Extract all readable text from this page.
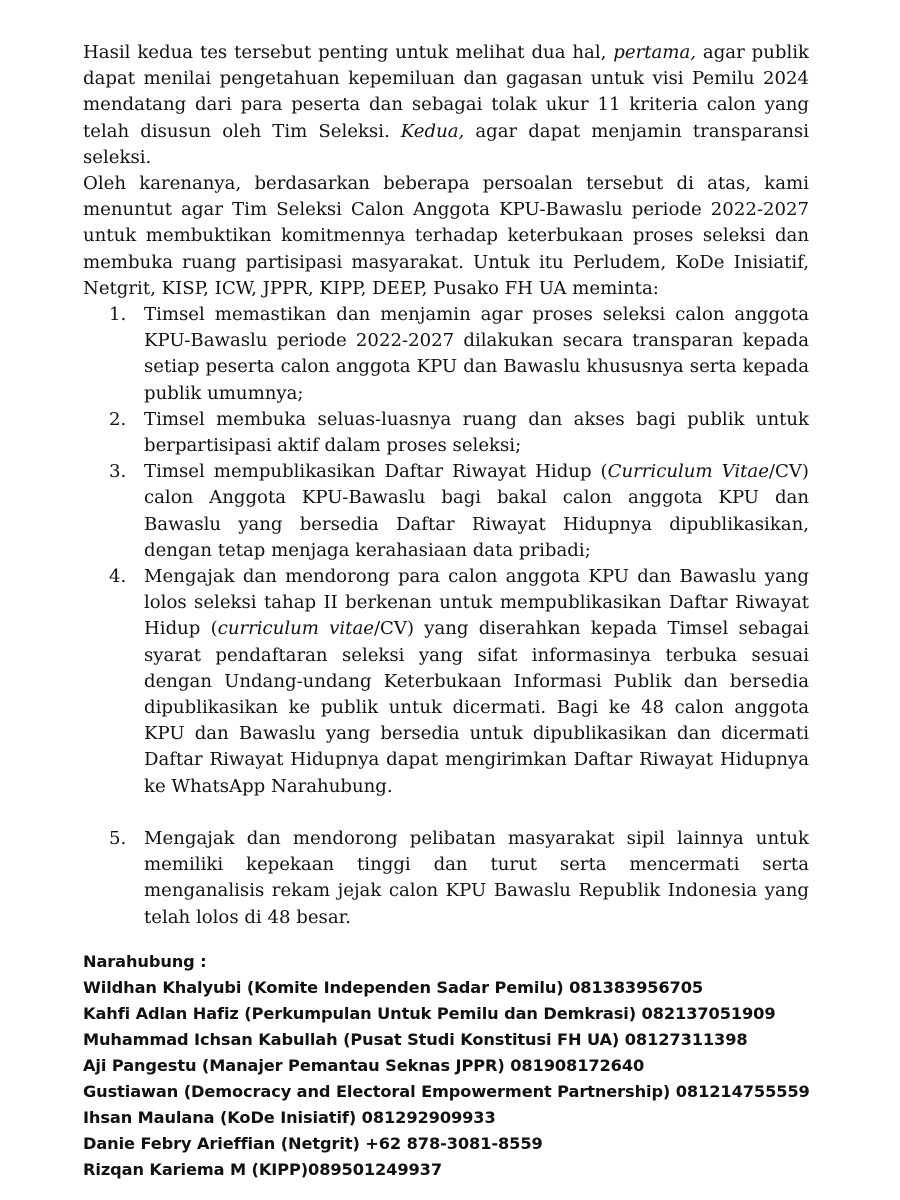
Hasil kedua tes tersebut penting untuk melihat dua hal, pertama, agar publik dapat menilai pengetahuan kepemiluan dan gagasan untuk visi Pemilu 2024 mendatang dari para peserta dan sebagai tolak ukur 11 kriteria calon yang telah disusun oleh Tim Seleksi. Kedua, agar dapat menjamin transparansi seleksi.

Oleh karenanya, berdasarkan beberapa persoalan tersebut di atas, kami menuntut agar Tim Seleksi Calon Anggota KPU-Bawaslu periode 2022-2027 untuk membuktikan komitmennya terhadap keterbukaan proses seleksi dan membuka ruang partisipasi masyarakat. Untuk itu Perludem, KoDe Inisiatif, Netgrit, KISP, ICW, JPPR, KIPP, DEEP, Pusako FH UA meminta:

1. Timsel memastikan dan menjamin agar proses seleksi calon anggota KPU-Bawaslu periode 2022-2027 dilakukan secara transparan kepada setiap peserta calon anggota KPU dan Bawaslu khususnya serta kepada publik umumnya;
2. Timsel membuka seluas-luasnya ruang dan akses bagi publik untuk berpartisipasi aktif dalam proses seleksi;
3. Timsel mempublikasikan Daftar Riwayat Hidup (Curriculum Vitae/CV) calon Anggota KPU-Bawaslu bagi bakal calon anggota KPU dan Bawaslu yang bersedia Daftar Riwayat Hidupnya dipublikasikan, dengan tetap menjaga kerahasiaan data pribadi;
4. Mengajak dan mendorong para calon anggota KPU dan Bawaslu yang lolos seleksi tahap II berkenan untuk mempublikasikan Daftar Riwayat Hidup (curriculum vitae/CV) yang diserahkan kepada Timsel sebagai syarat pendaftaran seleksi yang sifat informasinya terbuka sesuai dengan Undang-undang Keterbukaan Informasi Publik dan bersedia dipublikasikan ke publik untuk dicermati. Bagi ke 48 calon anggota KPU dan Bawaslu yang bersedia untuk dipublikasikan dan dicermati Daftar Riwayat Hidupnya dapat mengirimkan Daftar Riwayat Hidupnya ke WhatsApp Narahubung.
5. Mengajak dan mendorong pelibatan masyarakat sipil lainnya untuk memiliki kepekaan tinggi dan turut serta mencermati serta menganalisis rekam jejak calon KPU Bawaslu Republik Indonesia yang telah lolos di 48 besar.
Narahubung :
Wildhan Khalyubi (Komite Independen Sadar Pemilu) 081383956705
Kahfi Adlan Hafiz (Perkumpulan Untuk Pemilu dan Demkrasi) 082137051909
Muhammad Ichsan Kabullah (Pusat Studi Konstitusi FH UA) 08127311398
Aji Pangestu (Manajer Pemantau Seknas JPPR) 081908172640
Gustiawan (Democracy and Electoral Empowerment Partnership) 081214755559
Ihsan Maulana (KoDe Inisiatif) 081292909933
Danie Febry Arieffian (Netgrit) +62 878-3081-8559
Rizqan Kariema M (KIPP)089501249937
